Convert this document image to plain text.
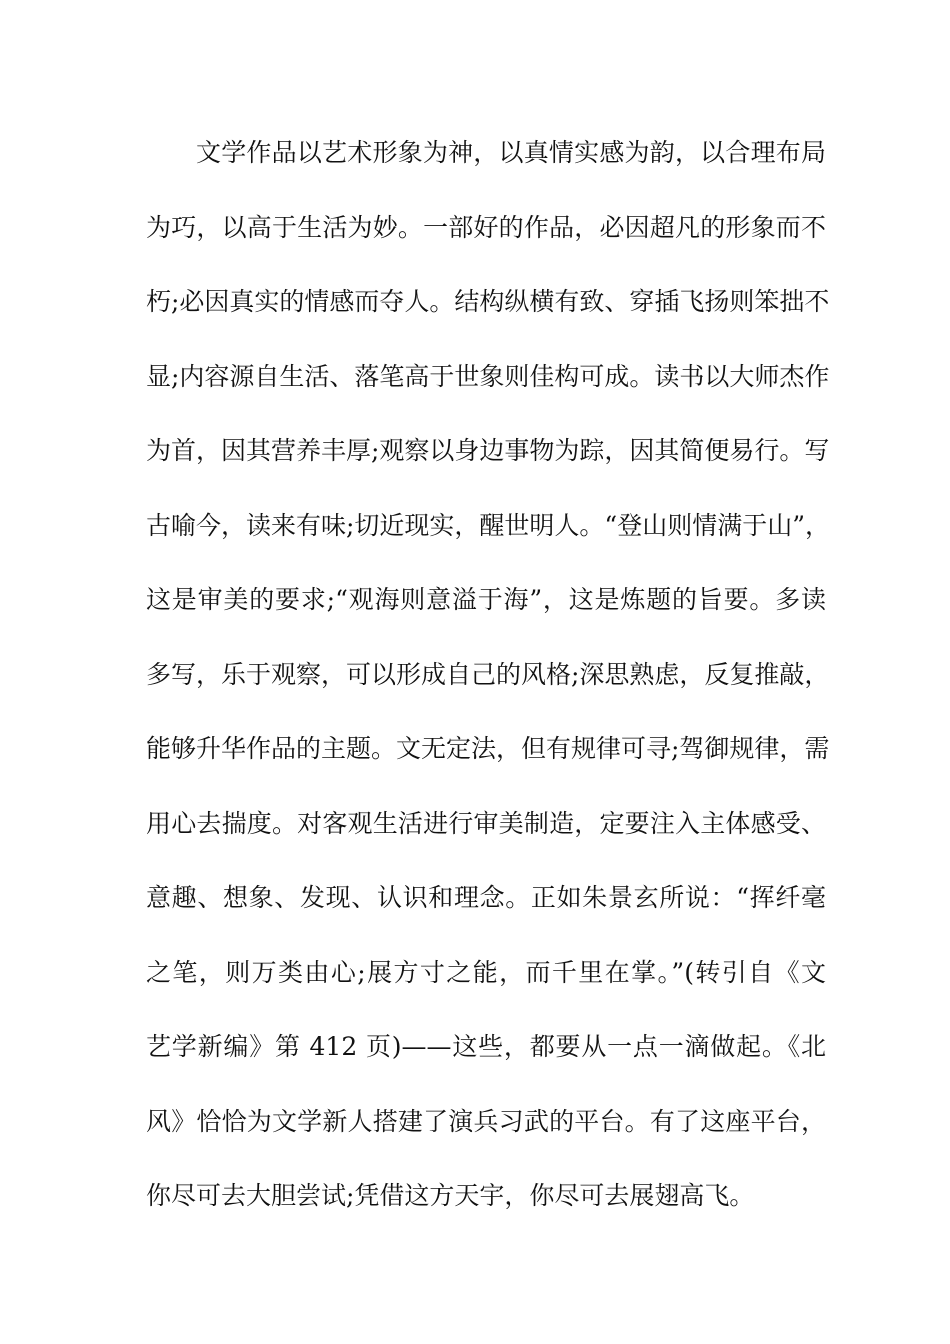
文学作品以艺术形象为神，以真情实感为韵，以合理布局
为巧，以高于生活为妙。一部好的作品，必因超凡的形象而不
朽;必因真实的情感而夺人。结构纵横有致、穿插飞扬则笨拙不
显;内容源自生活、落笔高于世象则佳构可成。读书以大师杰作
为首，因其营养丰厚;观察以身边事物为踪，因其简便易行。写
古喻今，读来有味;切近现实，醒世明人。“登山则情满于山”，
这是审美的要求;“观海则意溢于海”，这是炼题的旨要。多读
多写，乐于观察，可以形成自己的风格;深思熟虑，反复推敲，
能够升华作品的主题。文无定法，但有规律可寻;驾御规律，需
用心去揣度。对客观生活进行审美制造，定要注入主体感受、
意趣、想象、发现、认识和理念。正如朱景玄所说：“挥纤毫
之笔，则万类由心;展方寸之能，而千里在掌。”(转引自《文
艺学新编》第 412 页)——这些，都要从一点一滴做起。《北
风》恰恰为文学新人搭建了演兵习武的平台。有了这座平台，
你尽可去大胆尝试;凭借这方天宇，你尽可去展翅高飞。
